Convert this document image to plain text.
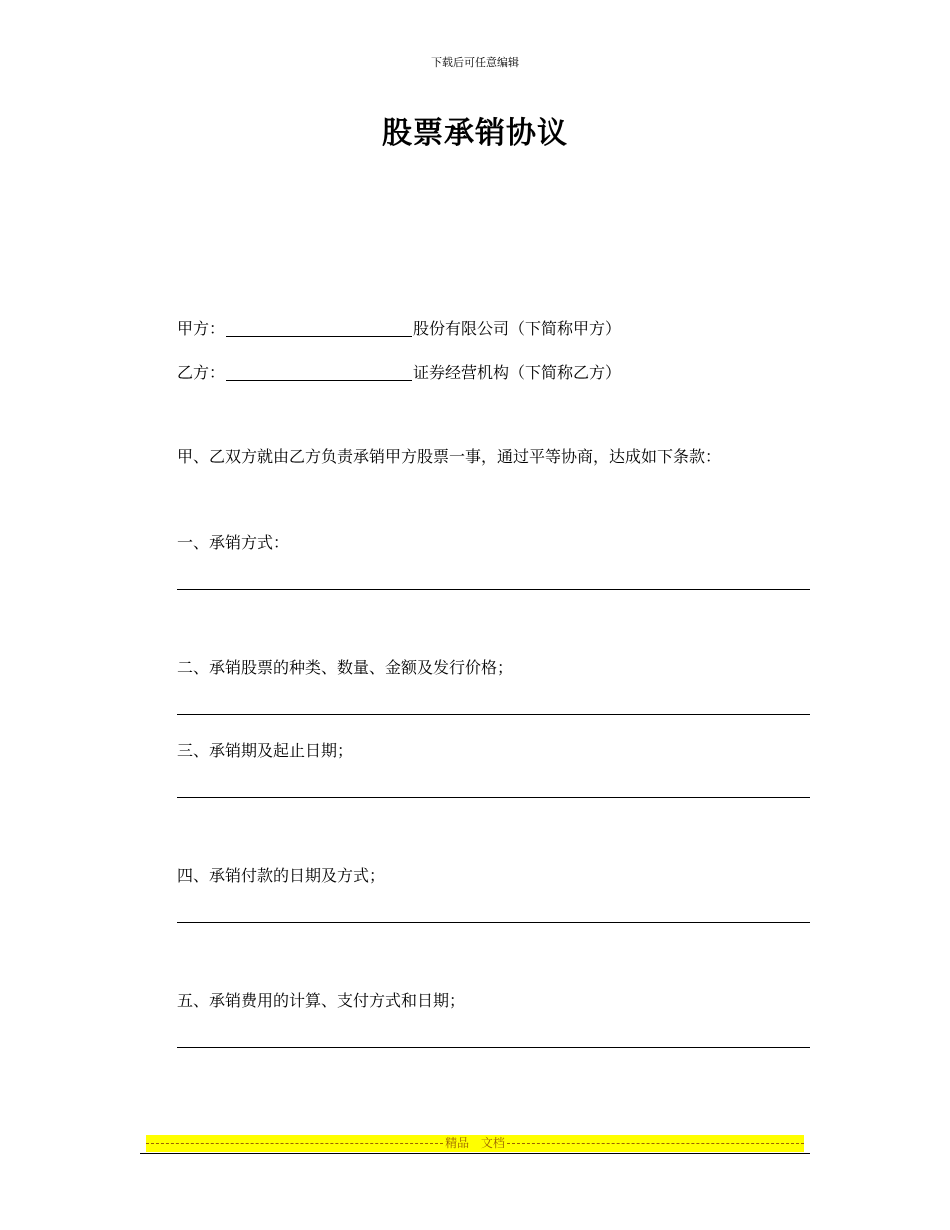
下载后可任意编辑
股票承销协议
甲方：	股份有限公司（下简称甲方）
乙方：	证券经营机构（下简称乙方）
甲、乙双方就由乙方负责承销甲方股票一事，通过平等协商，达成如下条款：
一、承销方式：
二、承销股票的种类、数量、金额及发行价格；
三、承销期及起止日期；
四、承销付款的日期及方式；
五、承销费用的计算、支付方式和日期；
精品 文档
